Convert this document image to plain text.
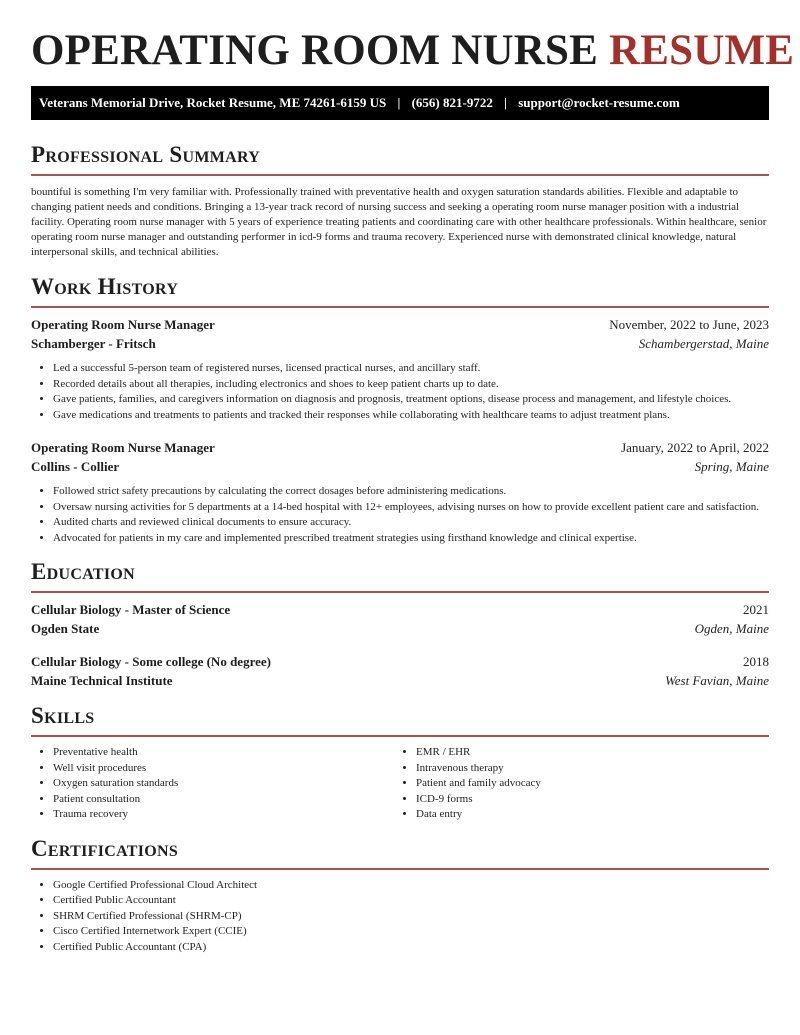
OPERATING ROOM NURSE RESUME
Veterans Memorial Drive, Rocket Resume, ME 74261-6159 US | (656) 821-9722 | support@rocket-resume.com
Professional Summary

bountiful is something I'm very familiar with. Professionally trained with preventative health and oxygen saturation standards abilities. Flexible and adaptable to changing patient needs and conditions. Bringing a 13-year track record of nursing success and seeking a operating room nurse manager position with a industrial facility. Operating room nurse manager with 5 years of experience treating patients and coordinating care with other healthcare professionals. Within healthcare, senior operating room nurse manager and outstanding performer in icd-9 forms and trauma recovery. Experienced nurse with demonstrated clinical knowledge, natural interpersonal skills, and technical abilities.

Work History
Operating Room Nurse Manager	November, 2022 to June, 2023
Schamberger - Fritsch	Schambergerstad, Maine
• Led a successful 5-person team of registered nurses, licensed practical nurses, and ancillary staff.
• Recorded details about all therapies, including electronics and shoes to keep patient charts up to date.
• Gave patients, families, and caregivers information on diagnosis and prognosis, treatment options, disease process and management, and lifestyle choices.
• Gave medications and treatments to patients and tracked their responses while collaborating with healthcare teams to adjust treatment plans.
Operating Room Nurse Manager	January, 2022 to April, 2022
Collins - Collier	Spring, Maine
• Followed strict safety precautions by calculating the correct dosages before administering medications.
• Oversaw nursing activities for 5 departments at a 14-bed hospital with 12+ employees, advising nurses on how to provide excellent patient care and satisfaction.
• Audited charts and reviewed clinical documents to ensure accuracy.
• Advocated for patients in my care and implemented prescribed treatment strategies using firsthand knowledge and clinical expertise.
Education
Cellular Biology - Master of Science	2021
Ogden State	Ogden, Maine
Cellular Biology - Some college (No degree)	2018
Maine Technical Institute	West Favian, Maine
Skills
• Preventative health
• Well visit procedures
• Oxygen saturation standards
• Patient consultation
• Trauma recovery
• EMR / EHR
• Intravenous therapy
• Patient and family advocacy
• ICD-9 forms
• Data entry
Certifications
• Google Certified Professional Cloud Architect
• Certified Public Accountant
• SHRM Certified Professional (SHRM-CP)
• Cisco Certified Internetwork Expert (CCIE)
• Certified Public Accountant (CPA)
